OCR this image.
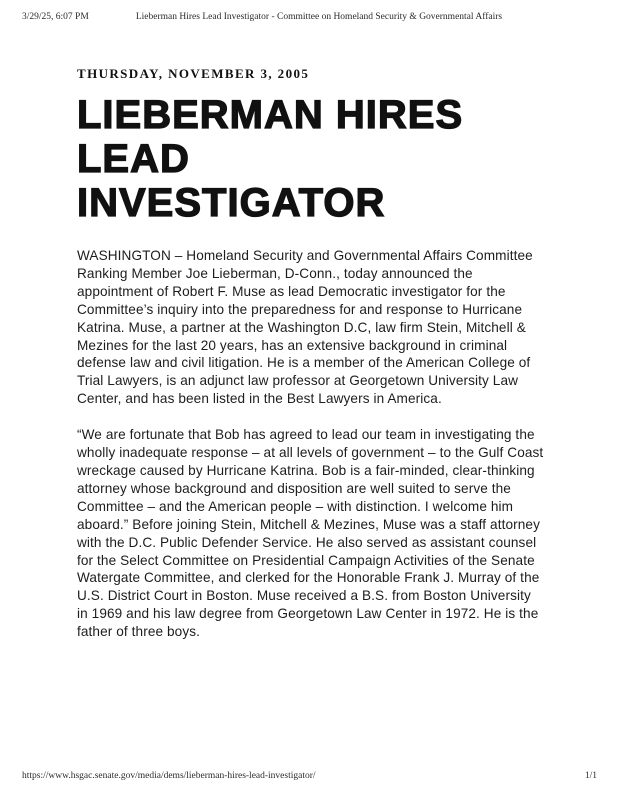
3/29/25, 6:07 PM	Lieberman Hires Lead Investigator - Committee on Homeland Security & Governmental Affairs
THURSDAY, NOVEMBER 3, 2005
LIEBERMAN HIRES
LEAD
INVESTIGATOR

WASHINGTON – Homeland Security and Governmental Affairs Committee Ranking Member Joe Lieberman, D-Conn., today announced the appointment of Robert F. Muse as lead Democratic investigator for the Committee’s inquiry into the preparedness for and response to Hurricane Katrina. Muse, a partner at the Washington D.C, law firm Stein, Mitchell & Mezines for the last 20 years, has an extensive background in criminal defense law and civil litigation. He is a member of the American College of Trial Lawyers, is an adjunct law professor at Georgetown University Law Center, and has been listed in the Best Lawyers in America.

“We are fortunate that Bob has agreed to lead our team in investigating the wholly inadequate response – at all levels of government – to the Gulf Coast wreckage caused by Hurricane Katrina. Bob is a fair-minded, clear-thinking attorney whose background and disposition are well suited to serve the Committee – and the American people – with distinction. I welcome him aboard.” Before joining Stein, Mitchell & Mezines, Muse was a staff attorney with the D.C. Public Defender Service. He also served as assistant counsel for the Select Committee on Presidential Campaign Activities of the Senate Watergate Committee, and clerked for the Honorable Frank J. Murray of the U.S. District Court in Boston. Muse received a B.S. from Boston University in 1969 and his law degree from Georgetown Law Center in 1972. He is the father of three boys.

https://www.hsgac.senate.gov/media/dems/lieberman-hires-lead-investigator/	1/1
